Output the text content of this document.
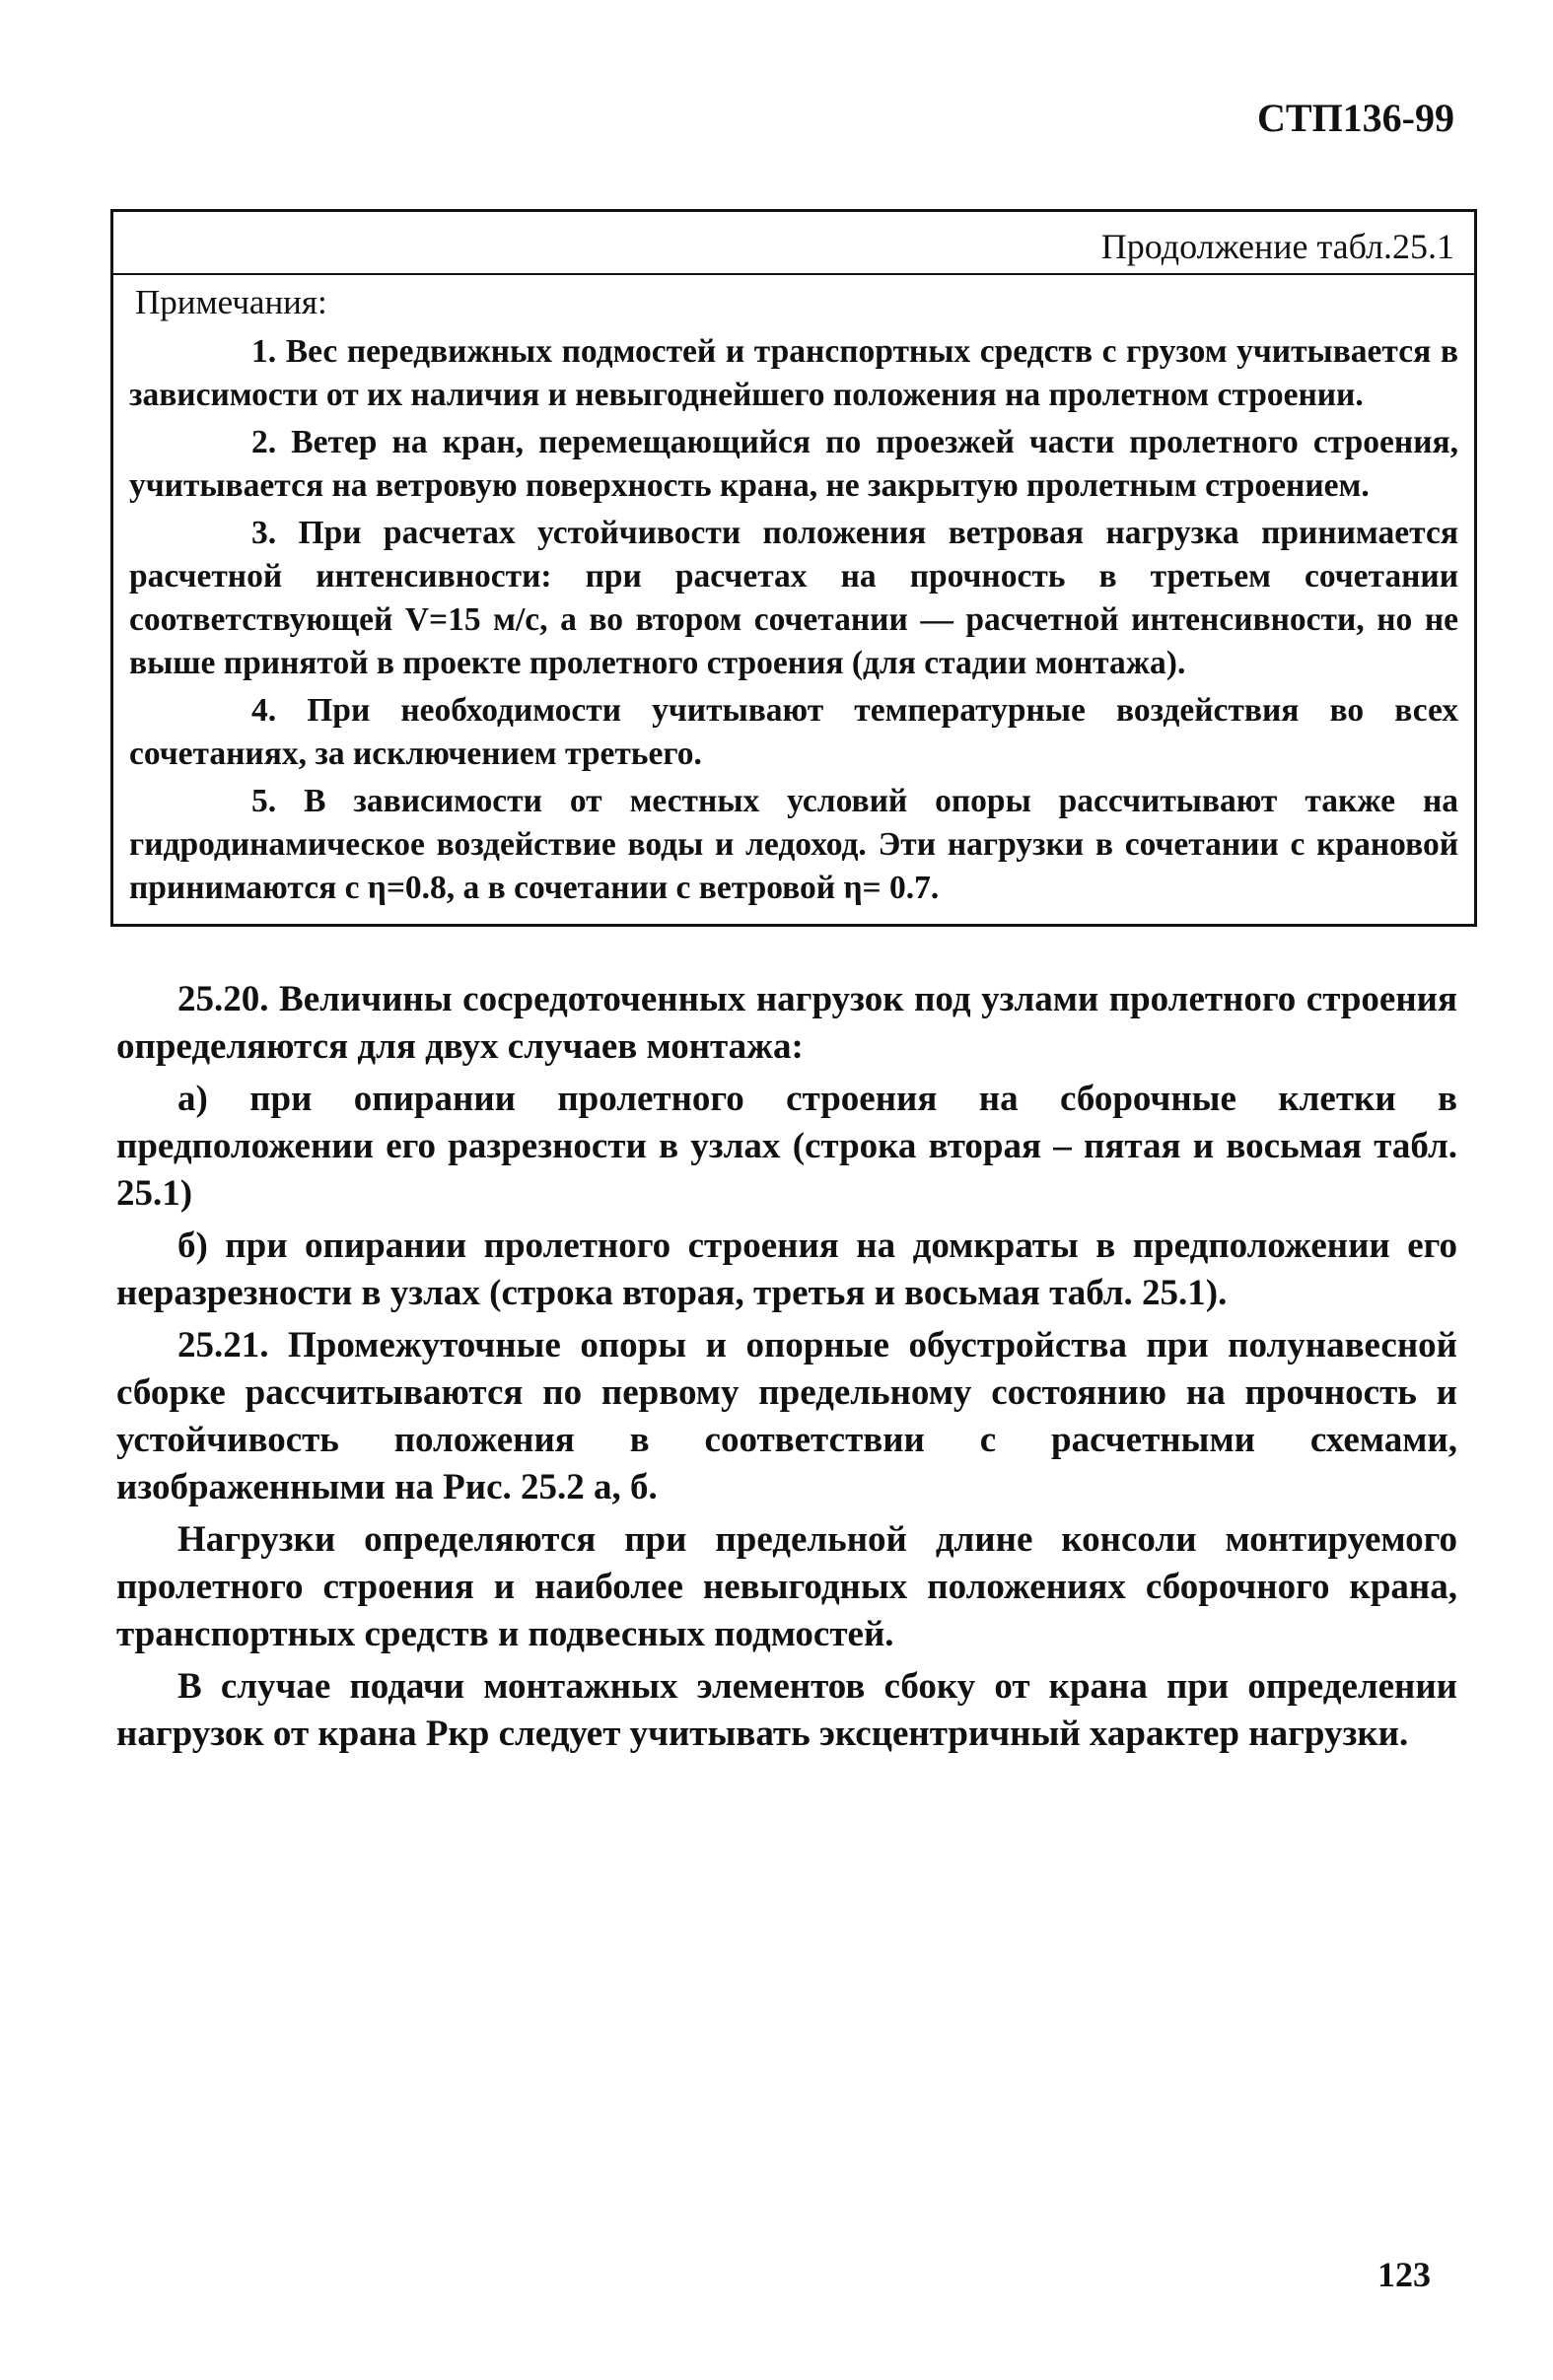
СТП136-99
Продолжение табл.25.1
Примечания:

1. Вес передвижных подмостей и транспортных средств с грузом учитывается в зависимости от их наличия и невыгоднейшего положения на пролетном строении.

2. Ветер на кран, перемещающийся по проезжей части пролетного строения, учитывается на ветровую поверхность крана, не закрытую пролетным строением.

3. При расчетах устойчивости положения ветровая нагрузка принимается расчетной интенсивности: при расчетах на прочность в третьем сочетании соответствующей V=15 м/с, а во втором сочетании — расчетной интенсивности, но не выше принятой в проекте пролетного строения (для стадии монтажа).

4. При необходимости учитывают температурные воздействия во всех сочетаниях, за исключением третьего.

5. В зависимости от местных условий опоры рассчитывают также на гидродинамическое воздействие воды и ледоход. Эти нагрузки в сочетании с крановой принимаются с η=0.8, а в сочетании с ветровой η= 0.7.

25.20. Величины сосредоточенных нагрузок под узлами пролетного строения определяются для двух случаев монтажа:

а) при опирании пролетного строения на сборочные клетки в предположении его разрезности в узлах (строка вторая – пятая и восьмая табл. 25.1)

б) при опирании пролетного строения на домкраты в предположении его неразрезности в узлах (строка вторая, третья и восьмая табл. 25.1).

25.21. Промежуточные опоры и опорные обустройства при полунавесной сборке рассчитываются по первому предельному состоянию на прочность и устойчивость положения в соответствии с расчетными схемами, изображенными на Рис. 25.2 а, б.

Нагрузки определяются при предельной длине консоли монтируемого пролетного строения и наиболее невыгодных положениях сборочного крана, транспортных средств и подвесных подмостей.

В случае подачи монтажных элементов сбоку от крана при определении нагрузок от крана Ркр следует учитывать эксцентричный характер нагрузки.

123
